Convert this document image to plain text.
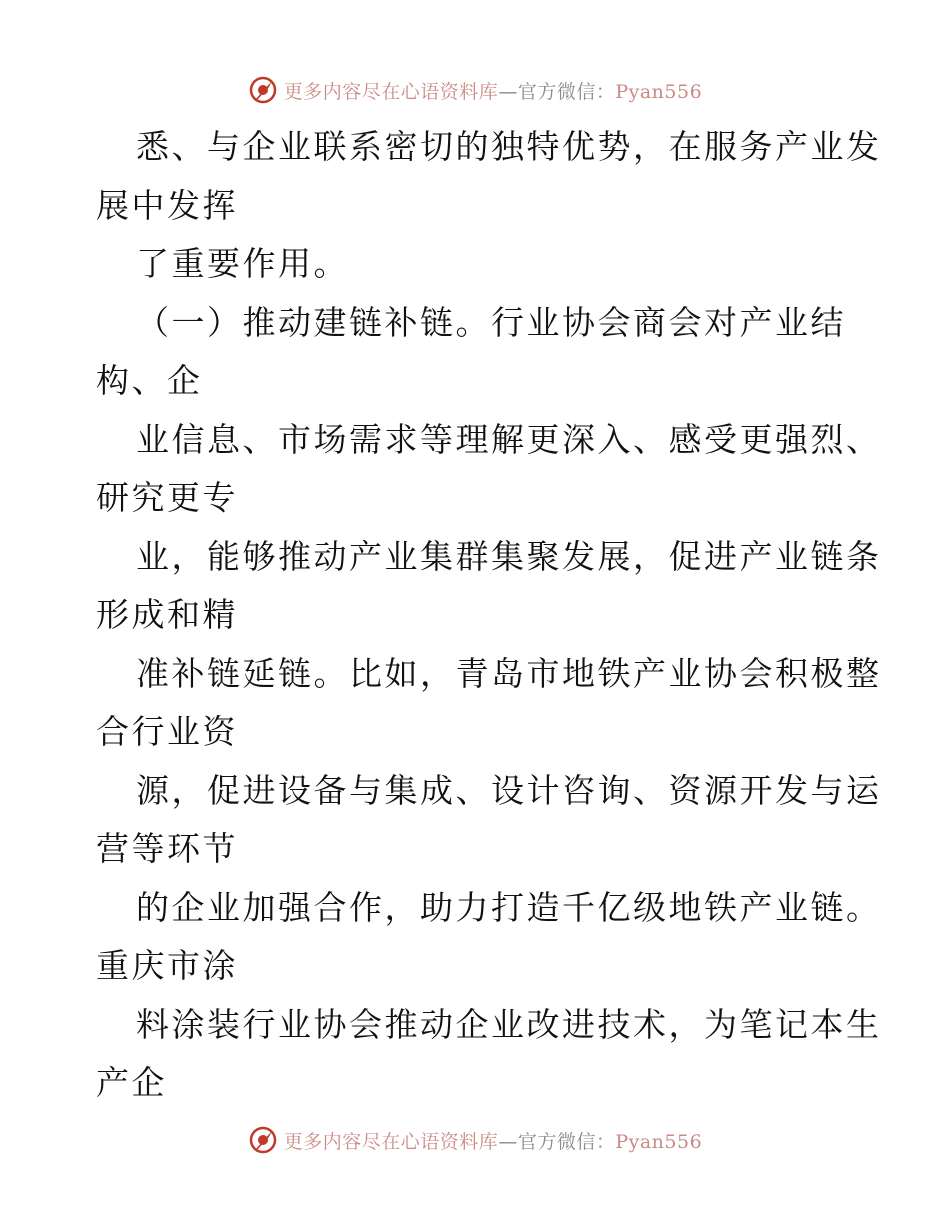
更多内容尽在心语资料库—官方微信：Pyan556
悉、与企业联系密切的独特优势，在服务产业发
展中发挥
了重要作用。
（一）推动建链补链。行业协会商会对产业结
构、企
业信息、市场需求等理解更深入、感受更强烈、
研究更专
业，能够推动产业集群集聚发展，促进产业链条
形成和精
准补链延链。比如，青岛市地铁产业协会积极整
合行业资
源，促进设备与集成、设计咨询、资源开发与运
营等环节
的企业加强合作，助力打造千亿级地铁产业链。
重庆市涂
料涂装行业协会推动企业改进技术，为笔记本生
产企
更多内容尽在心语资料库—官方微信：Pyan556
